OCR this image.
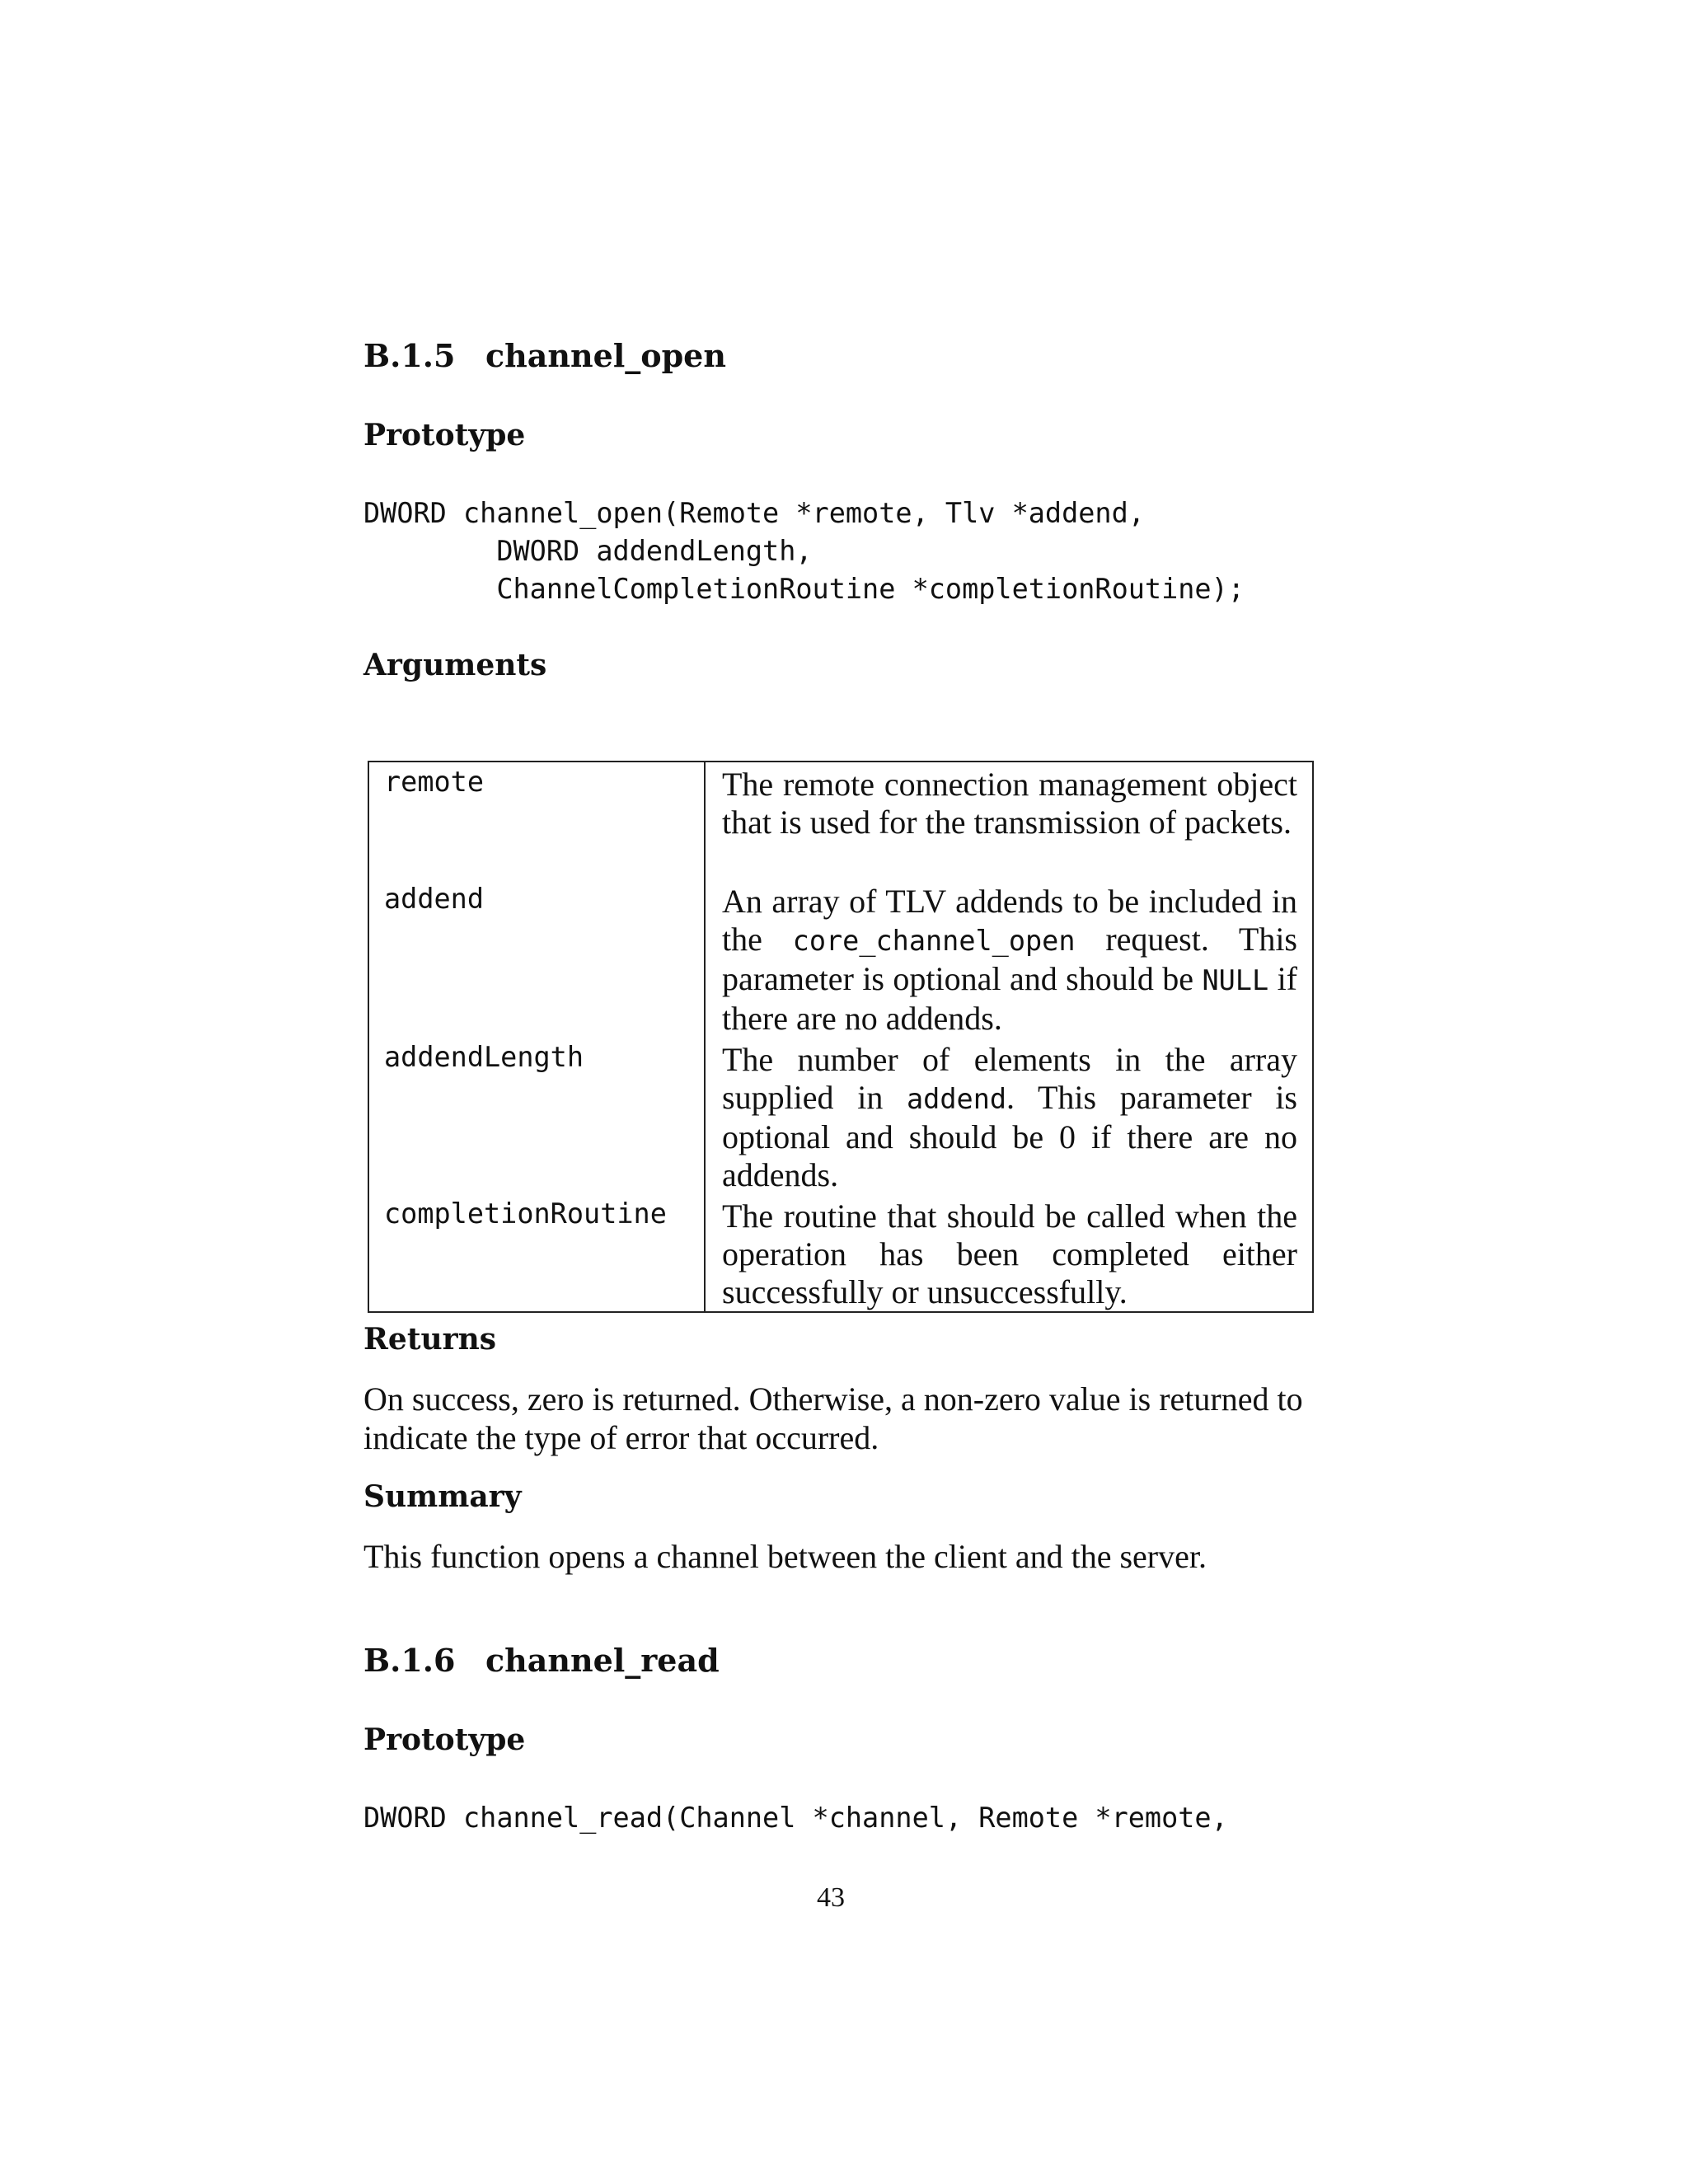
B.1.5 channel_open
Prototype
DWORD channel_open(Remote *remote, Tlv *addend,
DWORD addendLength,
ChannelCompletionRoutine *completionRoutine);
Arguments
remote	The remote connection management object that is used for the transmission of packets.
addend	An array of TLV addends to be included in the core_channel_open request. This parameter is optional and should be NULL if there are no addends.
addendLength	The number of elements in the array supplied in addend. This parameter is optional and should be 0 if there are no addends.
completionRoutine	The routine that should be called when the operation has been completed either successfully or unsuccessfully.
Returns
On success, zero is returned. Otherwise, a non-zero value is returned to indicate the type of error that occurred.
Summary
This function opens a channel between the client and the server.
B.1.6 channel_read
Prototype
DWORD channel_read(Channel *channel, Remote *remote,
43
